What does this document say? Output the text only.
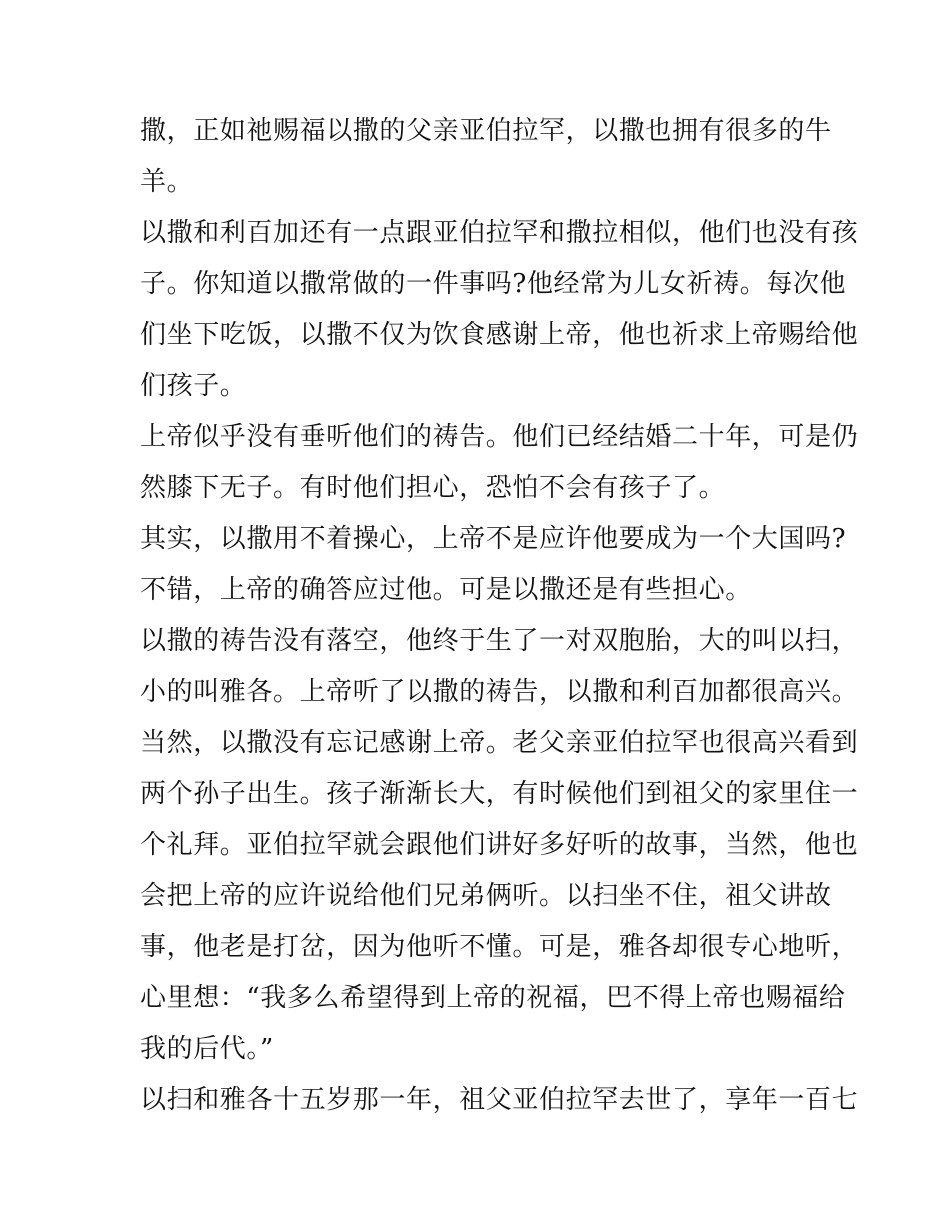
撒，正如祂赐福以撒的父亲亚伯拉罕，以撒也拥有很多的牛
羊。
以撒和利百加还有一点跟亚伯拉罕和撒拉相似，他们也没有孩
子。你知道以撒常做的一件事吗?他经常为儿女祈祷。每次他
们坐下吃饭，以撒不仅为饮食感谢上帝，他也祈求上帝赐给他
们孩子。
上帝似乎没有垂听他们的祷告。他们已经结婚二十年，可是仍
然膝下无子。有时他们担心，恐怕不会有孩子了。
其实，以撒用不着操心，上帝不是应许他要成为一个大国吗?
不错，上帝的确答应过他。可是以撒还是有些担心。
以撒的祷告没有落空，他终于生了一对双胞胎，大的叫以扫，
小的叫雅各。上帝听了以撒的祷告，以撒和利百加都很高兴。
当然，以撒没有忘记感谢上帝。老父亲亚伯拉罕也很高兴看到
两个孙子出生。孩子渐渐长大，有时候他们到祖父的家里住一
个礼拜。亚伯拉罕就会跟他们讲好多好听的故事，当然，他也
会把上帝的应许说给他们兄弟俩听。以扫坐不住，祖父讲故
事，他老是打岔，因为他听不懂。可是，雅各却很专心地听，
心里想：“我多么希望得到上帝的祝福，巴不得上帝也赐福给
我的后代。”
以扫和雅各十五岁那一年，祖父亚伯拉罕去世了，享年一百七
